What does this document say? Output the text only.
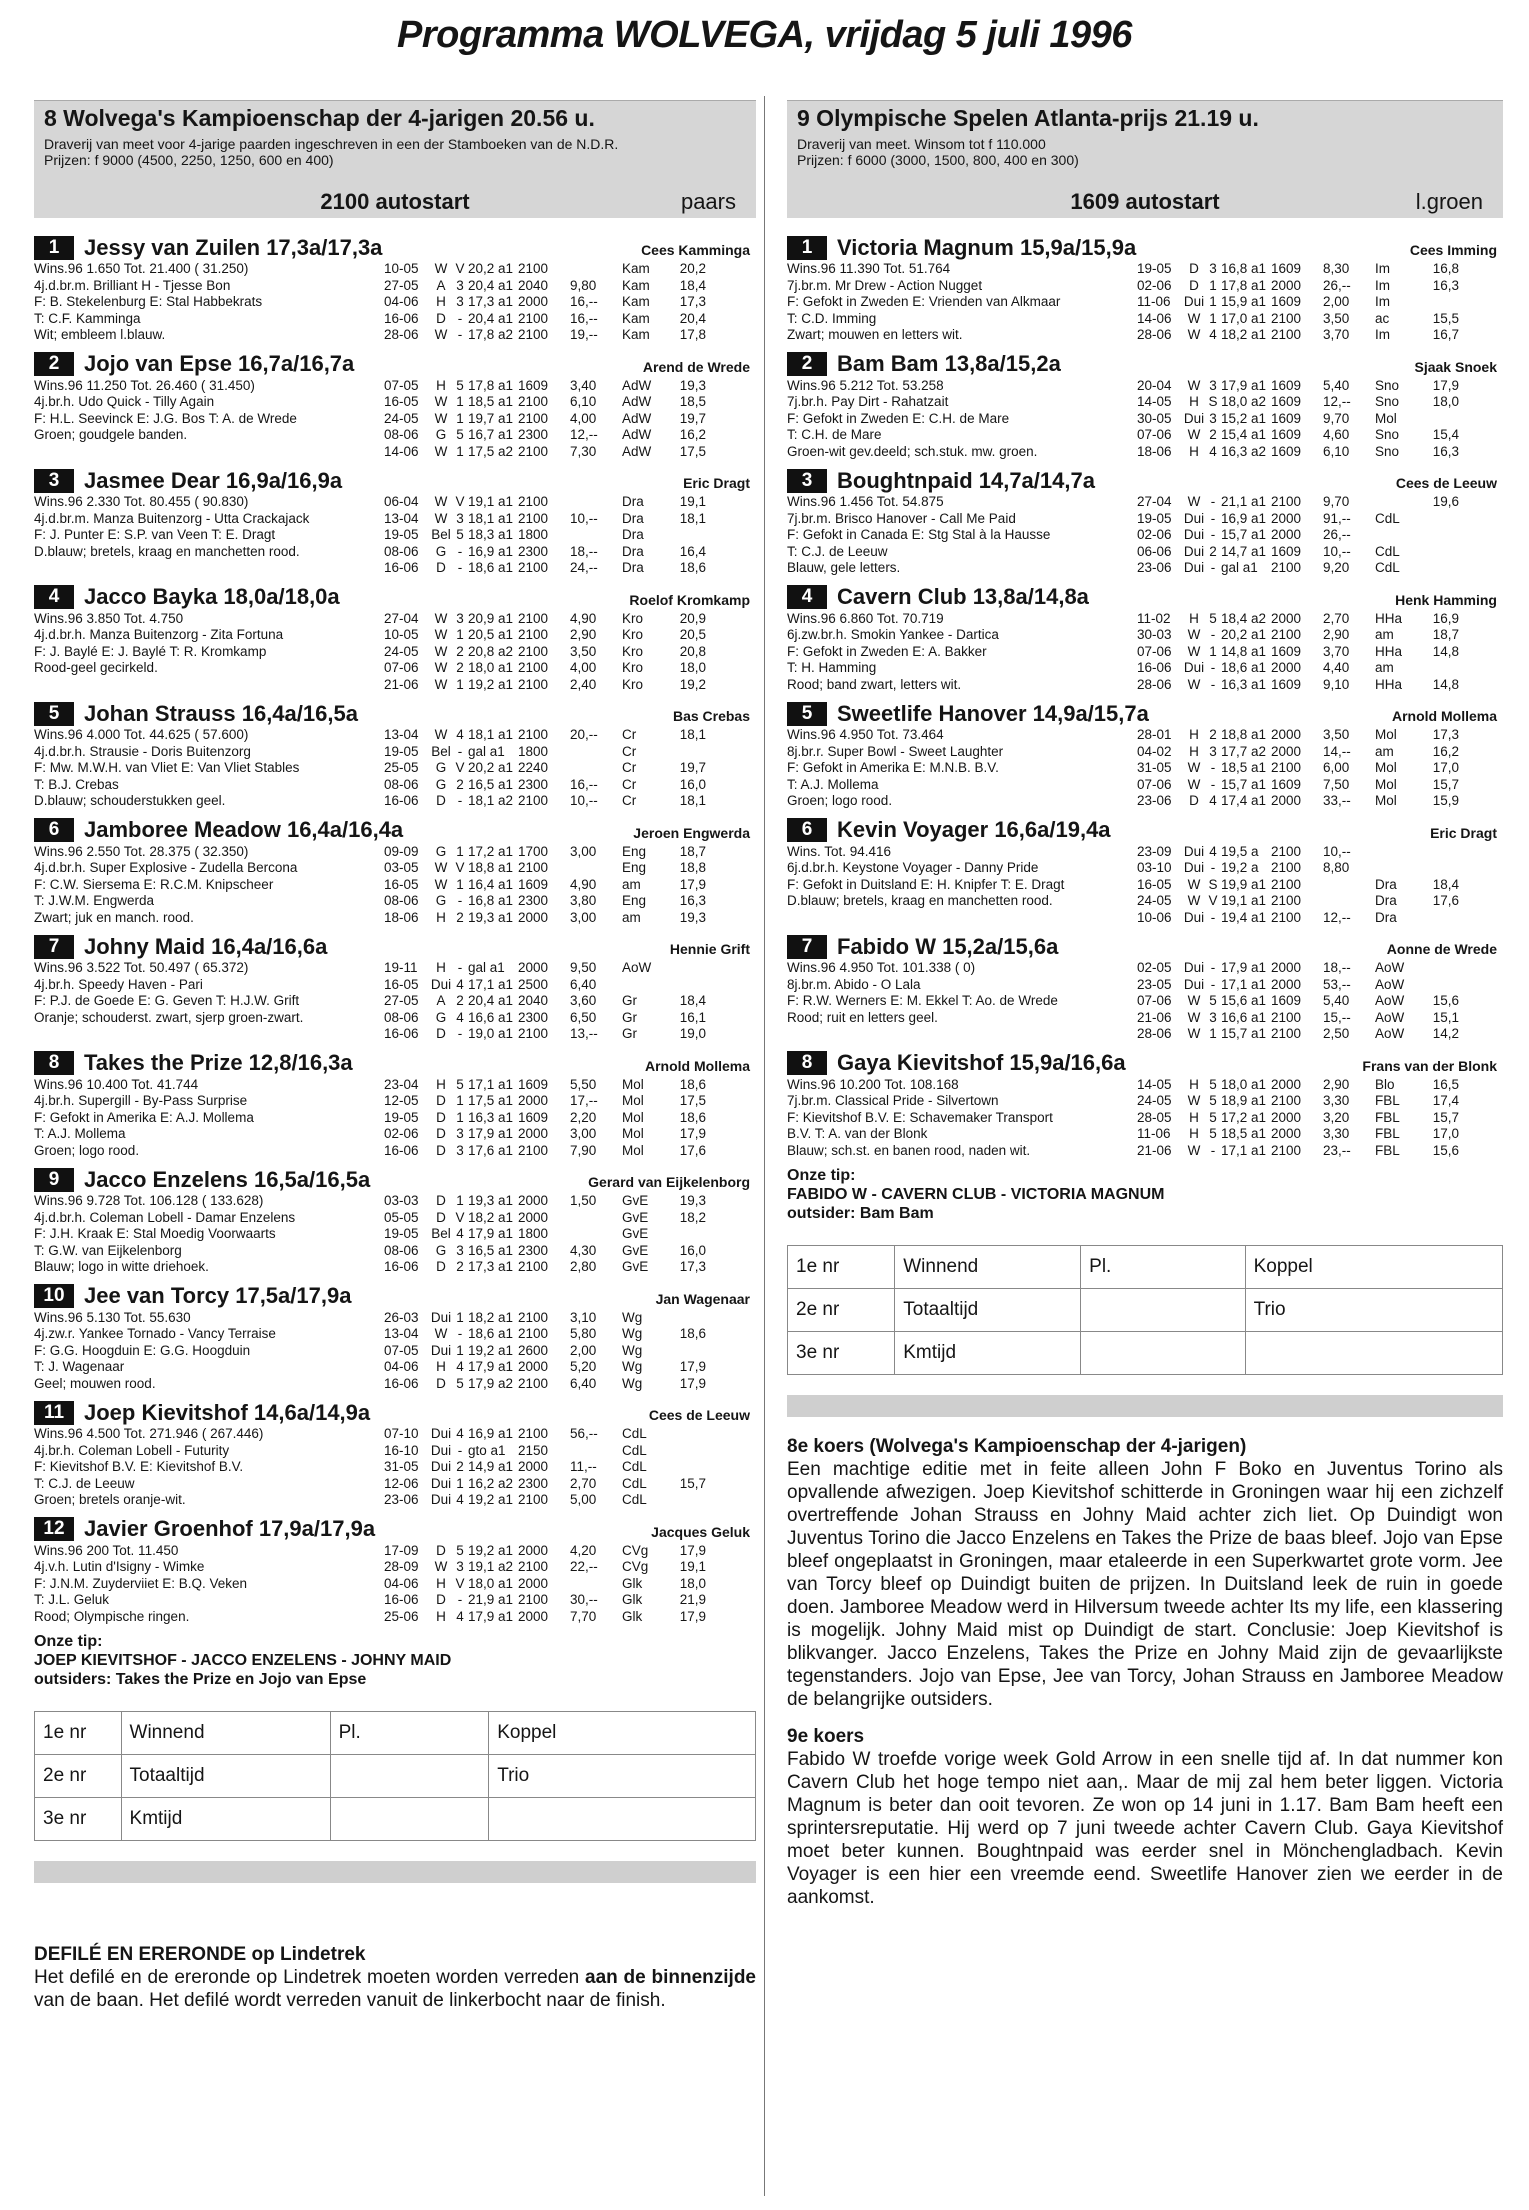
Programma WOLVEGA, vrijdag 5 juli 1996
8 Wolvega's Kampioenschap der 4-jarigen 20.56 u.
Draverij van meet voor 4-jarige paarden ingeschreven in een der Stamboeken van de N.D.R.
Prijzen: f 9000 (4500, 2250, 1250, 600 en 400)
2100 autostart	paars
1	Jessy van Zuilen 17,3a/17,3a	Cees Kamminga
Wins.96 1.650 Tot. 21.400 ( 31.250)
4j.d.br.m. Brilliant H - Tjesse Bon
F: B. Stekelenburg E: Stal Habbekrats
T: C.F. Kamminga
Wit; embleem l.blauw.
10-05	W V 20,2 a1 2100	Kam	20,2
27-05	A 3 20,4 a1 2040	9,80	Kam	18,4
04-06	H 3 17,3 a1 2000	16,--	Kam	17,3
16-06	D - 20,4 a1 2100	16,--	Kam	20,4
28-06	W - 17,8 a2 2100	19,--	Kam	17,8
2	Jojo van Epse 16,7a/16,7a	Arend de Wrede
Wins.96 11.250 Tot. 26.460 ( 31.450)
4j.br.h. Udo Quick - Tilly Again
F: H.L. Seevinck E: J.G. Bos T: A. de Wrede
Groen; goudgele banden.
07-05	H 5 17,8 a1 1609	3,40	AdW	19,3
16-05	W 1 18,5 a1 2100	6,10	AdW	18,5
24-05	W 1 19,7 a1 2100	4,00	AdW	19,7
08-06	G 5 16,7 a1 2300	12,--	AdW	16,2
14-06	W 1 17,5 a2 2100	7,30	AdW	17,5
3	Jasmee Dear 16,9a/16,9a	Eric Dragt
Wins.96 2.330 Tot. 80.455 ( 90.830)
4j.d.br.m. Manza Buitenzorg - Utta Crackajack
F: J. Punter E: S.P. van Veen T: E. Dragt
D.blauw; bretels, kraag en manchetten rood.
06-04	W V 19,1 a1 2100	Dra	19,1
13-04	W 3 18,1 a1 2100	10,--	Dra	18,1
19-05 Bel 5 18,3 a1 1800	Dra
08-06	G - 16,9 a1 2300	18,--	Dra	16,4
16-06	D - 18,6 a1 2100	24,--	Dra	18,6
4	Jacco Bayka 18,0a/18,0a	Roelof Kromkamp
Wins.96 3.850 Tot. 4.750
4j.d.br.h. Manza Buitenzorg - Zita Fortuna
F: J. Baylé E: J. Baylé T: R. Kromkamp
Rood-geel gecirkeld.
27-04	W 3 20,9 a1 2100	4,90	Kro	20,9
10-05	W 1 20,5 a1 2100	2,90	Kro	20,5
24-05	W 2 20,8 a2 2100	3,50	Kro	20,8
07-06	W 2 18,0 a1 2100	4,00	Kro	18,0
21-06	W 1 19,2 a1 2100	2,40	Kro	19,2
5	Johan Strauss 16,4a/16,5a	Bas Crebas
Wins.96 4.000 Tot. 44.625 ( 57.600)
4j.d.br.h. Strausie - Doris Buitenzorg
F: Mw. M.W.H. van Vliet E: Van Vliet Stables
T: B.J. Crebas
D.blauw; schouderstukken geel.
13-04	W 4 18,1 a1 2100	20,--	Cr	18,1
19-05 Bel - gal a1 1800	Cr
25-05	G V 20,2 a1 2240	Cr	19,7
08-06	G 2 16,5 a1 2300	16,--	Cr	16,0
16-06	D - 18,1 a2 2100	10,--	Cr	18,1
6	Jamboree Meadow 16,4a/16,4a	Jeroen Engwerda
Wins.96 2.550 Tot. 28.375 ( 32.350)
4j.d.br.h. Super Explosive - Zudella Bercona
F: C.W. Siersema E: R.C.M. Knipscheer
T: J.W.M. Engwerda
Zwart; juk en manch. rood.
09-09	G 1 17,2 a1 1700	3,00	Eng	18,7
03-05	W V 18,8 a1 2100	Eng	18,8
16-05	W 1 16,4 a1 1609	4,90	am	17,9
08-06	G - 16,8 a1 2300	3,80	Eng	16,3
18-06	H 2 19,3 a1 2000	3,00	am	19,3
7	Johny Maid 16,4a/16,6a	Hennie Grift
Wins.96 3.522 Tot. 50.497 ( 65.372)
4j.br.h. Speedy Haven - Pari
F: P.J. de Goede E: G. Geven T: H.J.W. Grift
Oranje; schouderst. zwart, sjerp groen-zwart.
19-11	H - gal a1 2000	9,50	AoW
16-05 Dui 4 17,1 a1 2500	6,40
27-05	A 2 20,4 a1 2040	3,60	Gr	18,4
08-06	G 4 16,6 a1 2300	6,50	Gr	16,1
16-06	D - 19,0 a1 2100	13,--	Gr	19,0
8	Takes the Prize 12,8/16,3a	Arnold Mollema
Wins.96 10.400 Tot. 41.744
4j.br.h. Supergill - By-Pass Surprise
F: Gefokt in Amerika E: A.J. Mollema
T: A.J. Mollema
Groen; logo rood.
23-04	H 5 17,1 a1 1609	5,50	Mol	18,6
12-05	D 1 17,5 a1 2000	17,--	Mol	17,5
19-05	D 1 16,3 a1 1609	2,20	Mol	18,6
02-06	D 3 17,9 a1 2000	3,00	Mol	17,9
16-06	D 3 17,6 a1 2100	7,90	Mol	17,6
9	Jacco Enzelens 16,5a/16,5a	Gerard van Eijkelenborg
Wins.96 9.728 Tot. 106.128 ( 133.628)
4j.d.br.h. Coleman Lobell - Damar Enzelens
F: J.H. Kraak E: Stal Moedig Voorwaarts
T: G.W. van Eijkelenborg
Blauw; logo in witte driehoek.
03-03	D 1 19,3 a1 2000	1,50	GvE	19,3
05-05	D V 18,2 a1 2000	GvE	18,2
19-05 Bel 4 17,9 a1 1800	GvE
08-06	G 3 16,5 a1 2300	4,30	GvE	16,0
16-06	D 2 17,3 a1 2100	2,80	GvE	17,3
10 Jee van Torcy 17,5a/17,9a	Jan Wagenaar
Wins.96 5.130 Tot. 55.630
4j.zw.r. Yankee Tornado - Vancy Terraise
F: G.G. Hoogduin E: G.G. Hoogduin
T: J. Wagenaar
Geel; mouwen rood.
26-03 Dui 1 18,2 a1 2100	3,10	Wg
13-04	W - 18,6 a1 2100	5,80	Wg	18,6
07-05 Dui 1 19,2 a1 2600	2,00	Wg
04-06	H 4 17,9 a1 2000	5,20	Wg	17,9
16-06	D 5 17,9 a2 2100	6,40	Wg	17,9
11 Joep Kievitshof 14,6a/14,9a	Cees de Leeuw
Wins.96 4.500 Tot. 271.946 ( 267.446)
4j.br.h. Coleman Lobell - Futurity
F: Kievitshof B.V. E: Kievitshof B.V.
T: C.J. de Leeuw
Groen; bretels oranje-wit.
07-10 Dui 4 16,9 a1 2100	56,--	CdL
16-10 Dui - gto a1 2150	CdL
31-05 Dui 2 14,9 a1 2000	11,--	CdL
12-06 Dui 1 16,2 a2 2300	2,70	CdL	15,7
23-06 Dui 4 19,2 a1 2100	5,00	CdL
12 Javier Groenhof 17,9a/17,9a	Jacques Geluk
Wins.96 200 Tot. 11.450
4j.v.h. Lutin d'Isigny - Wimke
F: J.N.M. Zuyderviiet E: B.Q. Veken
T: J.L. Geluk
Rood; Olympische ringen.
17-09	D 5 19,2 a1 2000	4,20	CVg	17,9
28-09	W 3 19,1 a2 2100	22,--	CVg	19,1
04-06	H V 18,0 a1 2000	Glk	18,0
16-06	D - 21,9 a1 2100	30,--	Glk	21,9
25-06	H 4 17,9 a1 2000	7,70	Glk	17,9
Onze tip:
JOEP KIEVITSHOF - JACCO ENZELENS - JOHNY MAID
outsiders: Takes the Prize en Jojo van Epse
1e nr	Winnend	Pl.	Koppel
2e nr	Totaaltijd		Trio
3e nr	Kmtijd		
DEFILÉ EN ERERONDE op Lindetrek
Het defilé en de ereronde op Lindetrek moeten worden verreden aan de binnenzijde van de baan. Het defilé wordt verreden vanuit de linkerbocht naar de finish.
9 Olympische Spelen Atlanta-prijs 21.19 u.
Draverij van meet. Winsom tot f 110.000
Prijzen: f 6000 (3000, 1500, 800, 400 en 300)
1609 autostart	l.groen
1	Victoria Magnum 15,9a/15,9a	Cees Imming
Wins.96 11.390 Tot. 51.764
7j.br.m. Mr Drew - Action Nugget
F: Gefokt in Zweden E: Vrienden van Alkmaar
T: C.D. Imming
Zwart; mouwen en letters wit.
19-05	D 3 16,8 a1 1609	8,30	Im	16,8
02-06	D 1 17,8 a1 2000	26,--	Im	16,3
11-06 Dui 1 15,9 a1 1609	2,00	Im
14-06	W 1 17,0 a1 2100	3,50	ac	15,5
28-06	W 4 18,2 a1 2100	3,70	Im	16,7
2	Bam Bam 13,8a/15,2a	Sjaak Snoek
Wins.96 5.212 Tot. 53.258
7j.br.h. Pay Dirt - Rahatzait
F: Gefokt in Zweden E: C.H. de Mare
T: C.H. de Mare
Groen-wit gev.deeld; sch.stuk. mw. groen.
20-04	W 3 17,9 a1 1609	5,40	Sno	17,9
14-05	H S 18,0 a2 1609	12,--	Sno	18,0
30-05 Dui 3 15,2 a1 1609	9,70	Mol
07-06	W 2 15,4 a1 1609	4,60	Sno	15,4
18-06	H 4 16,3 a2 1609	6,10	Sno	16,3
3	Boughtnpaid 14,7a/14,7a	Cees de Leeuw
Wins.96 1.456 Tot. 54.875
7j.br.m. Brisco Hanover - Call Me Paid
F: Gefokt in Canada E: Stg Stal à la Hausse
T: C.J. de Leeuw
Blauw, gele letters.
27-04	W - 21,1 a1 2100	9,70	19,6
19-05 Dui - 16,9 a1 2000	91,--	CdL
02-06 Dui - 15,7 a1 2000	26,--
06-06 Dui 2 14,7 a1 1609	10,--	CdL
23-06 Dui - gal a1 2100	9,20	CdL
4	Cavern Club 13,8a/14,8a	Henk Hamming
Wins.96 6.860 Tot. 70.719
6j.zw.br.h. Smokin Yankee - Dartica
F: Gefokt in Zweden E: A. Bakker
T: H. Hamming
Rood; band zwart, letters wit.
11-02	H 5 18,4 a2 2000	2,70	HHa	16,9
30-03	W - 20,2 a1 2100	2,90	am	18,7
07-06	W 1 14,8 a1 1609	3,70	HHa	14,8
16-06 Dui - 18,6 a1 2000	4,40	am
28-06	W - 16,3 a1 1609	9,10	HHa	14,8
5	Sweetlife Hanover 14,9a/15,7a	Arnold Mollema
Wins.96 4.950 Tot. 73.464
8j.br.r. Super Bowl - Sweet Laughter
F: Gefokt in Amerika E: M.N.B. B.V.
T: A.J. Mollema
Groen; logo rood.
28-01	H 2 18,8 a1 2000	3,50	Mol	17,3
04-02	H 3 17,7 a2 2000	14,--	am	16,2
31-05	W - 18,5 a1 2100	6,00	Mol	17,0
07-06	W - 15,7 a1 1609	7,50	Mol	15,7
23-06	D 4 17,4 a1 2000	33,--	Mol	15,9
6	Kevin Voyager 16,6a/19,4a	Eric Dragt
Wins. Tot. 94.416
6j.d.br.h. Keystone Voyager - Danny Pride
F: Gefokt in Duitsland E: H. Knipfer T: E. Dragt
D.blauw; bretels, kraag en manchetten rood.
23-09 Dui 4 19,5 a 2100	10,--
03-10 Dui - 19,2 a 2100	8,80
16-05	W S 19,9 a1 2100	Dra	18,4
24-05	W V 19,1 a1 2100	Dra	17,6
10-06 Dui - 19,4 a1 2100	12,--	Dra
7	Fabido W 15,2a/15,6a	Aonne de Wrede
Wins.96 4.950 Tot. 101.338 ( 0)
8j.br.m. Abido - O Lala
F: R.W. Werners E: M. Ekkel T: Ao. de Wrede
Rood; ruit en letters geel.
02-05 Dui - 17,9 a1 2000	18,--	AoW
23-05 Dui - 17,1 a1 2000	53,--	AoW
07-06	W 5 15,6 a1 1609	5,40	AoW	15,6
21-06	W 3 16,6 a1 2100	15,--	AoW	15,1
28-06	W 1 15,7 a1 2100	2,50	AoW	14,2
8	Gaya Kievitshof 15,9a/16,6a	Frans van der Blonk
Wins.96 10.200 Tot. 108.168
7j.br.m. Classical Pride - Silvertown
F: Kievitshof B.V. E: Schavemaker Transport
B.V. T: A. van der Blonk
Blauw; sch.st. en banen rood, naden wit.
14-05	H 5 18,0 a1 2000	2,90	Blo	16,5
24-05	W 5 18,9 a1 2100	3,30	FBL	17,4
28-05	H 5 17,2 a1 2000	3,20	FBL	15,7
11-06	H 5 18,5 a1 2000	3,30	FBL	17,0
21-06	W - 17,1 a1 2100	23,--	FBL	15,6
Onze tip:
FABIDO W - CAVERN CLUB - VICTORIA MAGNUM
outsider: Bam Bam
1e nr	Winnend	Pl.	Koppel
2e nr	Totaaltijd		Trio
3e nr	Kmtijd		
8e koers (Wolvega's Kampioenschap der 4-jarigen)
Een machtige editie met in feite alleen John F Boko en Juventus Torino als opvallende afwezigen. Joep Kievitshof schitterde in Groningen waar hij een zichzelf overtreffende Johan Strauss en Johny Maid achter zich liet. Op Duindigt won Juventus Torino die Jacco Enzelens en Takes the Prize de baas bleef. Jojo van Epse bleef ongeplaatst in Groningen, maar etaleerde in een Superkwartet grote vorm. Jee van Torcy bleef op Duindigt buiten de prijzen. In Duitsland leek de ruin in goede doen. Jamboree Meadow werd in Hilversum tweede achter Its my life, een klassering is mogelijk. Johny Maid mist op Duindigt de start. Conclusie: Joep Kievitshof is blikvanger. Jacco Enzelens, Takes the Prize en Johny Maid zijn de gevaarlijkste tegenstanders. Jojo van Epse, Jee van Torcy, Johan Strauss en Jamboree Meadow de belangrijke outsiders.
9e koers
Fabido W troefde vorige week Gold Arrow in een snelle tijd af. In dat nummer kon Cavern Club het hoge tempo niet aan,. Maar de mij zal hem beter liggen. Victoria Magnum is beter dan ooit tevoren. Ze won op 14 juni in 1.17. Bam Bam heeft een sprintersreputatie. Hij werd op 7 juni tweede achter Cavern Club. Gaya Kievitshof moet beter kunnen. Boughtnpaid was eerder snel in Mönchengladbach. Kevin Voyager is een hier een vreemde eend. Sweetlife Hanover zien we eerder in de aankomst.
